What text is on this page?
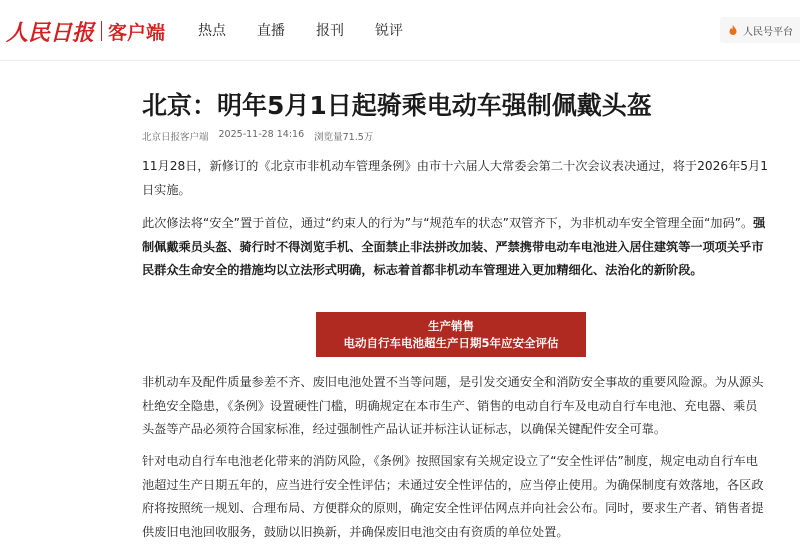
人民日报 客户端 热点	直播	报刊	锐评	人民号平台
北京：明年5月1日起骑乘电动车强制佩戴头盔
北京日报客户端 2025-11-28 14:16 浏览量71.5万
11月28日，新修订的《北京市非机动车管理条例》由市十六届人大常委会第二十次会议表决通过，将于2026年5月1日实施。
此次修法将“安全”置于首位，通过“约束人的行为”与“规范车的状态”双管齐下，为非机动车安全管理全面“加码”。强制佩戴乘员头盔、骑行时不得浏览手机、全面禁止非法拼改加装、严禁携带电动车电池进入居住建筑等一项项关乎市民群众生命安全的措施均以立法形式明确，标志着首都非机动车管理进入更加精细化、法治化的新阶段。
生产销售
电动自行车电池超生产日期5年应安全评估
非机动车及配件质量参差不齐、废旧电池处置不当等问题，是引发交通安全和消防安全事故的重要风险源。为从源头杜绝安全隐患，《条例》设置硬性门槛，明确规定在本市生产、销售的电动自行车及电动自行车电池、充电器、乘员头盔等产品必须符合国家标准，经过强制性产品认证并标注认证标志，以确保关键配件安全可靠。
针对电动自行车电池老化带来的消防风险，《条例》按照国家有关规定设立了“安全性评估”制度，规定电动自行车电池超过生产日期五年的，应当进行安全性评估；未通过安全性评估的，应当停止使用。为确保制度有效落地，各区政府将按照统一规划、合理布局、方便群众的原则，确定安全性评估网点并向社会公布。同时，要求生产者、销售者提供废旧电池回收服务，鼓励以旧换新，并确保废旧电池交由有资质的单位处置。
